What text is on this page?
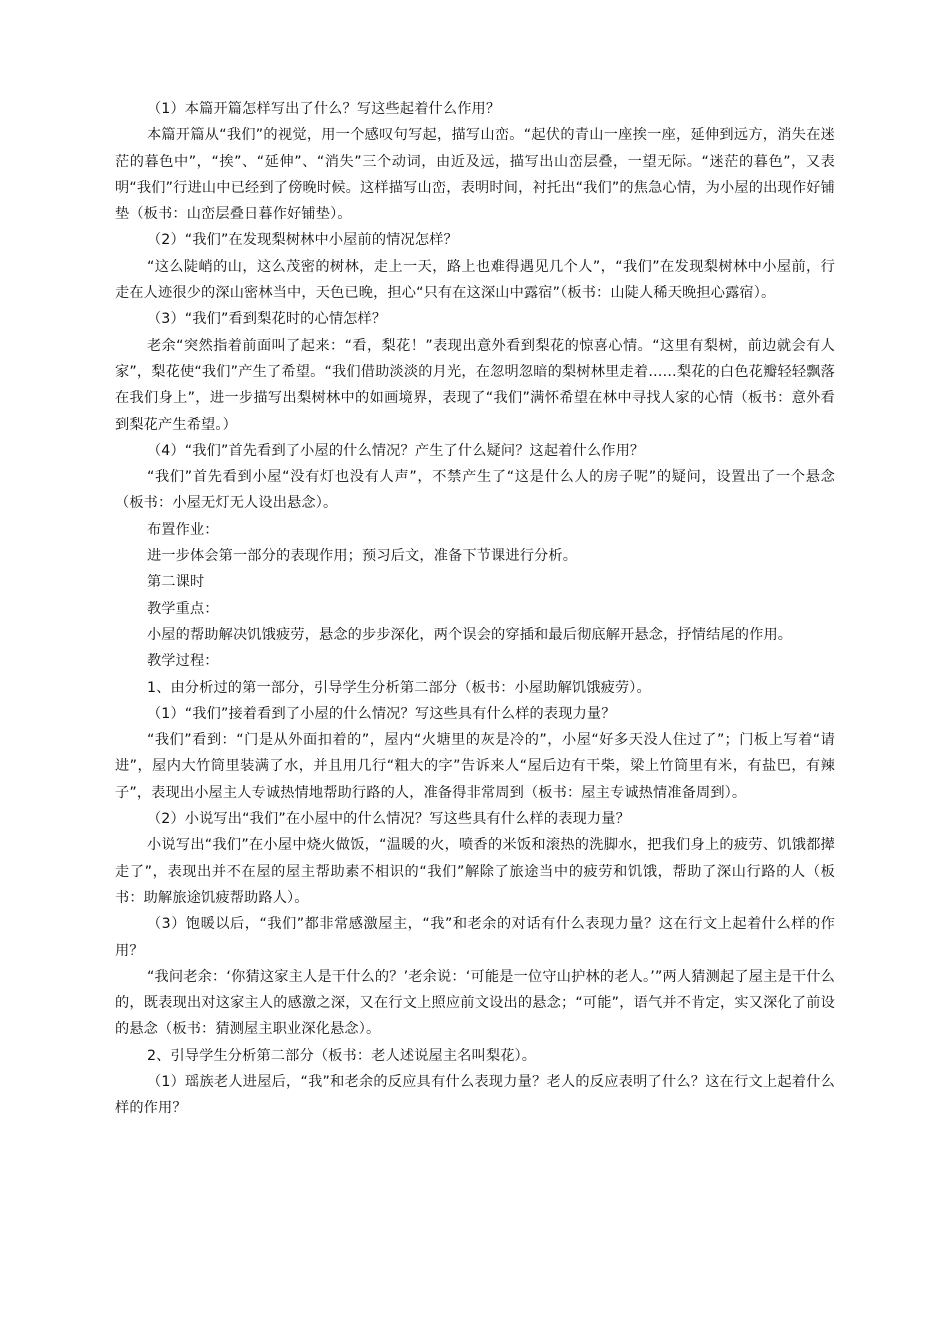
（1）本篇开篇怎样写出了什么？写这些起着什么作用？

本篇开篇从“我们”的视觉，用一个感叹句写起，描写山峦。“起伏的青山一座挨一座，延伸到远方，消失在迷茫的暮色中”，“挨”、“延伸”、“消失”三个动词，由近及远，描写出山峦层叠，一望无际。“迷茫的暮色”，又表明“我们”行进山中已经到了傍晚时候。这样描写山峦，表明时间，衬托出“我们”的焦急心情，为小屋的出现作好铺垫（板书：山峦层叠日暮作好铺垫）。

（2）“我们”在发现梨树林中小屋前的情况怎样？

“这么陡峭的山，这么茂密的树林，走上一天，路上也难得遇见几个人”，“我们”在发现梨树林中小屋前，行走在人迹很少的深山密林当中，天色已晚，担心“只有在这深山中露宿”（板书：山陡人稀天晚担心露宿）。

（3）“我们”看到梨花时的心情怎样？

老余“突然指着前面叫了起来：“看，梨花！”表现出意外看到梨花的惊喜心情。“这里有梨树，前边就会有人家”，梨花使“我们”产生了希望。“我们借助淡淡的月光，在忽明忽暗的梨树林里走着……梨花的白色花瓣轻轻飘落在我们身上”，进一步描写出梨树林中的如画境界，表现了“我们”满怀希望在林中寻找人家的心情（板书：意外看到梨花产生希望。）

（4）“我们”首先看到了小屋的什么情况？产生了什么疑问？这起着什么作用？

“我们”首先看到小屋“没有灯也没有人声”，不禁产生了“这是什么人的房子呢”的疑问，设置出了一个悬念（板书：小屋无灯无人设出悬念）。

布置作业：

进一步体会第一部分的表现作用；预习后文，准备下节课进行分析。

第二课时

教学重点：

小屋的帮助解决饥饿疲劳，悬念的步步深化，两个误会的穿插和最后彻底解开悬念，抒情结尾的作用。

教学过程：

1、由分析过的第一部分，引导学生分析第二部分（板书：小屋助解饥饿疲劳）。

（1）“我们”接着看到了小屋的什么情况？写这些具有什么样的表现力量？

“我们”看到：“门是从外面扣着的”，屋内“火塘里的灰是冷的”，小屋“好多天没人住过了”；门板上写着“请进”，屋内大竹筒里装满了水，并且用几行“粗大的字”告诉来人“屋后边有干柴，梁上竹筒里有米，有盐巴，有辣子”，表现出小屋主人专诚热情地帮助行路的人，准备得非常周到（板书：屋主专诚热情准备周到）。

（2）小说写出“我们”在小屋中的什么情况？写这些具有什么样的表现力量？

小说写出“我们”在小屋中烧火做饭，“温暖的火，喷香的米饭和滚热的洗脚水，把我们身上的疲劳、饥饿都撵走了”，表现出并不在屋的屋主帮助素不相识的“我们”解除了旅途当中的疲劳和饥饿，帮助了深山行路的人（板书：助解旅途饥疲帮助路人）。

（3）饱暖以后，“我们”都非常感激屋主，“我”和老余的对话有什么表现力量？这在行文上起着什么样的作用？

“我问老余：‘你猜这家主人是干什么的？’老余说：‘可能是一位守山护林的老人。’”两人猜测起了屋主是干什么的，既表现出对这家主人的感激之深，又在行文上照应前文设出的悬念；“可能”，语气并不肯定，实又深化了前设的悬念（板书：猜测屋主职业深化悬念）。

2、引导学生分析第二部分（板书：老人述说屋主名叫梨花）。

（1）瑶族老人进屋后，“我”和老余的反应具有什么表现力量？老人的反应表明了什么？这在行文上起着什么样的作用？
